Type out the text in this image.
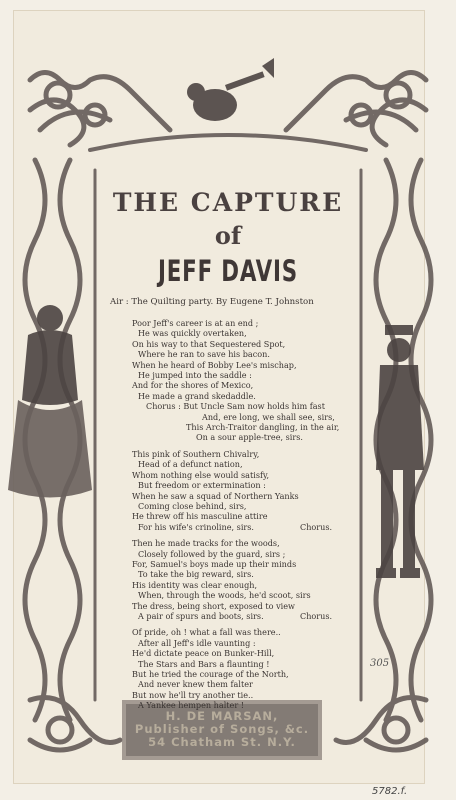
THE CAPTURE
of
JEFF DAVIS
Air : The Quilting party. By Eugene T. Johnston
Poor Jeff's career is at an end ;
He was quickly overtaken,
On his way to that Sequestered Spot,
Where he ran to save his bacon.
When he heard of Bobby Lee's mischap,
He jumped into the saddle :
And for the shores of Mexico,
He made a grand skedaddle.
Chorus : But Uncle Sam now holds him fast
And, ere long, we shall see, sirs,
This Arch-Traitor dangling, in the air,
On a sour apple-tree, sirs.
This pink of Southern Chivalry,
Head of a defunct nation,
Whom nothing else would satisfy,
But freedom or extermination :
When he saw a squad of Northern Yanks
Coming close behind, sirs,
He threw off his masculine attire
For his wife's crinoline, sirs.	Chorus.
Then he made tracks for the woods,
Closely followed by the guard, sirs ;
For, Samuel's boys made up their minds
To take the big reward, sirs.
His identity was clear enough,
When, through the woods, he'd scoot, sirs
The dress, being short, exposed to view
A pair of spurs and boots, sirs.	Chorus.
Of pride, oh ! what a fall was there..
After all Jeff's idle vaunting :
He'd dictate peace on Bunker-Hill,
The Stars and Bars a flaunting !
But he tried the courage of the North,
And never knew them falter
But now he'll try another tie..
A Yankee hempen halter !
H. DE MARSAN,
Publisher of Songs, &c.
54 Chatham St. N.Y.
305
5782.f.
